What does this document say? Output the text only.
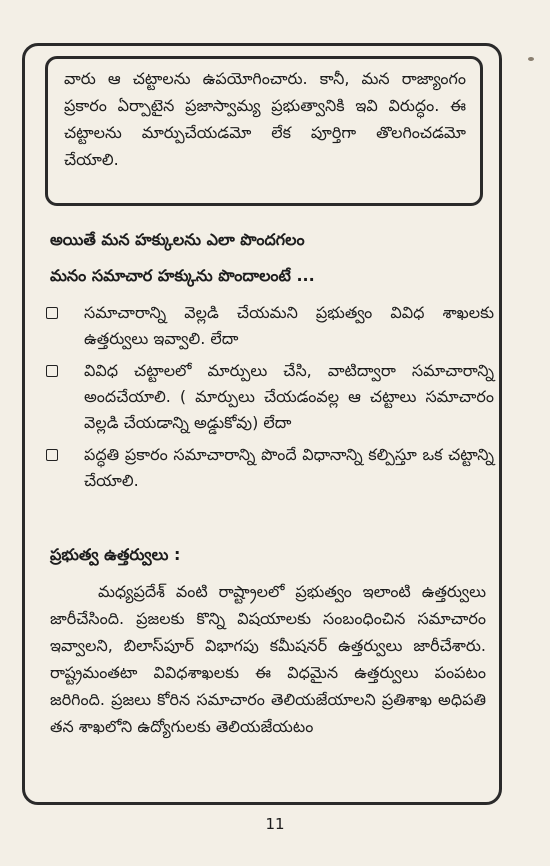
వారు ఆ చట్టాలను ఉపయోగించారు. కానీ, మన రాజ్యాంగం ప్రకారం ఏర్పాటైన ప్రజాస్వామ్య ప్రభుత్వానికి ఇవి విరుద్ధం. ఈ చట్టాలను మార్పుచేయడమో లేక పూర్తిగా తొలగించడమో చేయాలి.

అయితే మన హక్కులను ఎలా పొందగలం

మనం సమాచార హక్కును పొందాలంటే ...

సమాచారాన్ని వెల్లడి చేయమని ప్రభుత్వం వివిధ శాఖలకు ఉత్తర్వులు ఇవ్వాలి. లేదా
వివిధ చట్టాలలో మార్పులు చేసి, వాటిద్వారా సమాచారాన్ని అందచేయాలి. ( మార్పులు చేయడంవల్ల ఆ చట్టాలు సమాచారం వెల్లడి చేయడాన్ని అడ్డుకోవు) లేదా
పద్ధతి ప్రకారం సమాచారాన్ని పొందే విధానాన్ని కల్పిస్తూ ఒక చట్టాన్ని చేయాలి.

ప్రభుత్వ ఉత్తర్వులు :

మధ్యప్రదేశ్ వంటి రాష్ట్రాలలో ప్రభుత్వం ఇలాంటి ఉత్తర్వులు జారీచేసింది. ప్రజలకు కొన్ని విషయాలకు సంబంధించిన సమాచారం ఇవ్వాలని, బిలాస్‌పూర్ విభాగపు కమీషనర్ ఉత్తర్వులు జారీచేశారు. రాష్ట్రమంతటా వివిధశాఖలకు ఈ విధమైన ఉత్తర్వులు పంపటం జరిగింది. ప్రజలు కోరిన సమాచారం తెలియజేయాలని ప్రతిశాఖ అధిపతి తన శాఖలోని ఉద్యోగులకు తెలియజేయటం

11
